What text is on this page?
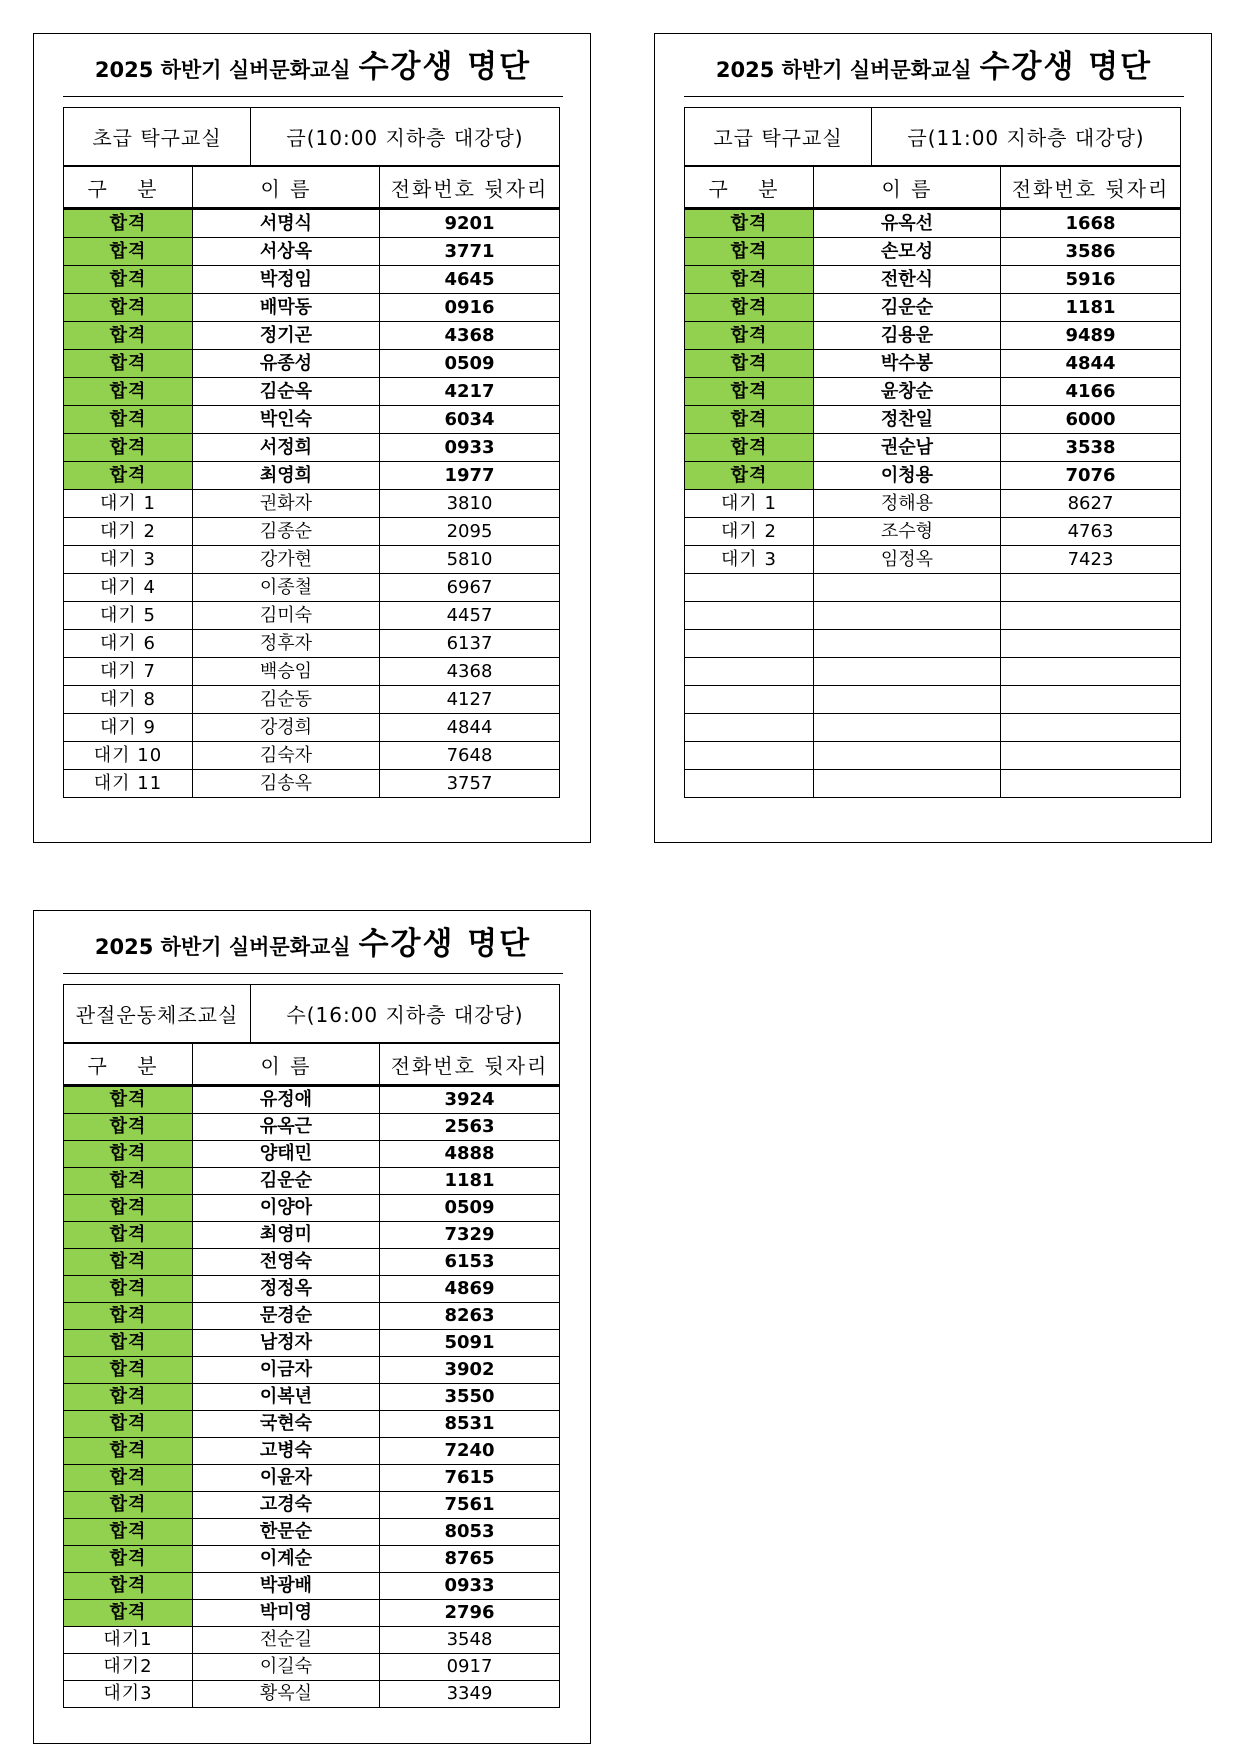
2025 하반기 실버문화교실 수강생 명단
초급 탁구교실	금(10:00 지하층 대강당)
구 분	이 름	전화번호 뒷자리
합격	서명식	9201
합격	서상옥	3771
합격	박정임	4645
합격	배막동	0916
합격	정기곤	4368
합격	유종성	0509
합격	김순옥	4217
합격	박인숙	6034
합격	서정희	0933
합격	최영희	1977
대기 1	권화자	3810
대기 2	김종순	2095
대기 3	강가현	5810
대기 4	이종철	6967
대기 5	김미숙	4457
대기 6	정후자	6137
대기 7	백승임	4368
대기 8	김순동	4127
대기 9	강경희	4844
대기 10	김숙자	7648
대기 11	김송옥	3757
2025 하반기 실버문화교실 수강생 명단
고급 탁구교실	금(11:00 지하층 대강당)
구 분	이 름	전화번호 뒷자리
합격	유옥선	1668
합격	손모성	3586
합격	전한식	5916
합격	김운순	1181
합격	김용운	9489
합격	박수봉	4844
합격	윤창순	4166
합격	정찬일	6000
합격	권순남	3538
합격	이청용	7076
대기 1	정해용	8627
대기 2	조수형	4763
대기 3	임정옥	7423

2025 하반기 실버문화교실 수강생 명단
관절운동체조교실	수(16:00 지하층 대강당)
구 분	이 름	전화번호 뒷자리
합격	유정애	3924
합격	유옥근	2563
합격	양태민	4888
합격	김운순	1181
합격	이양아	0509
합격	최영미	7329
합격	전영숙	6153
합격	정정옥	4869
합격	문경순	8263
합격	남정자	5091
합격	이금자	3902
합격	이복년	3550
합격	국현숙	8531
합격	고병숙	7240
합격	이윤자	7615
합격	고경숙	7561
합격	한문순	8053
합격	이계순	8765
합격	박광배	0933
합격	박미영	2796
대기1	전순길	3548
대기2	이길숙	0917
대기3	황옥실	3349
